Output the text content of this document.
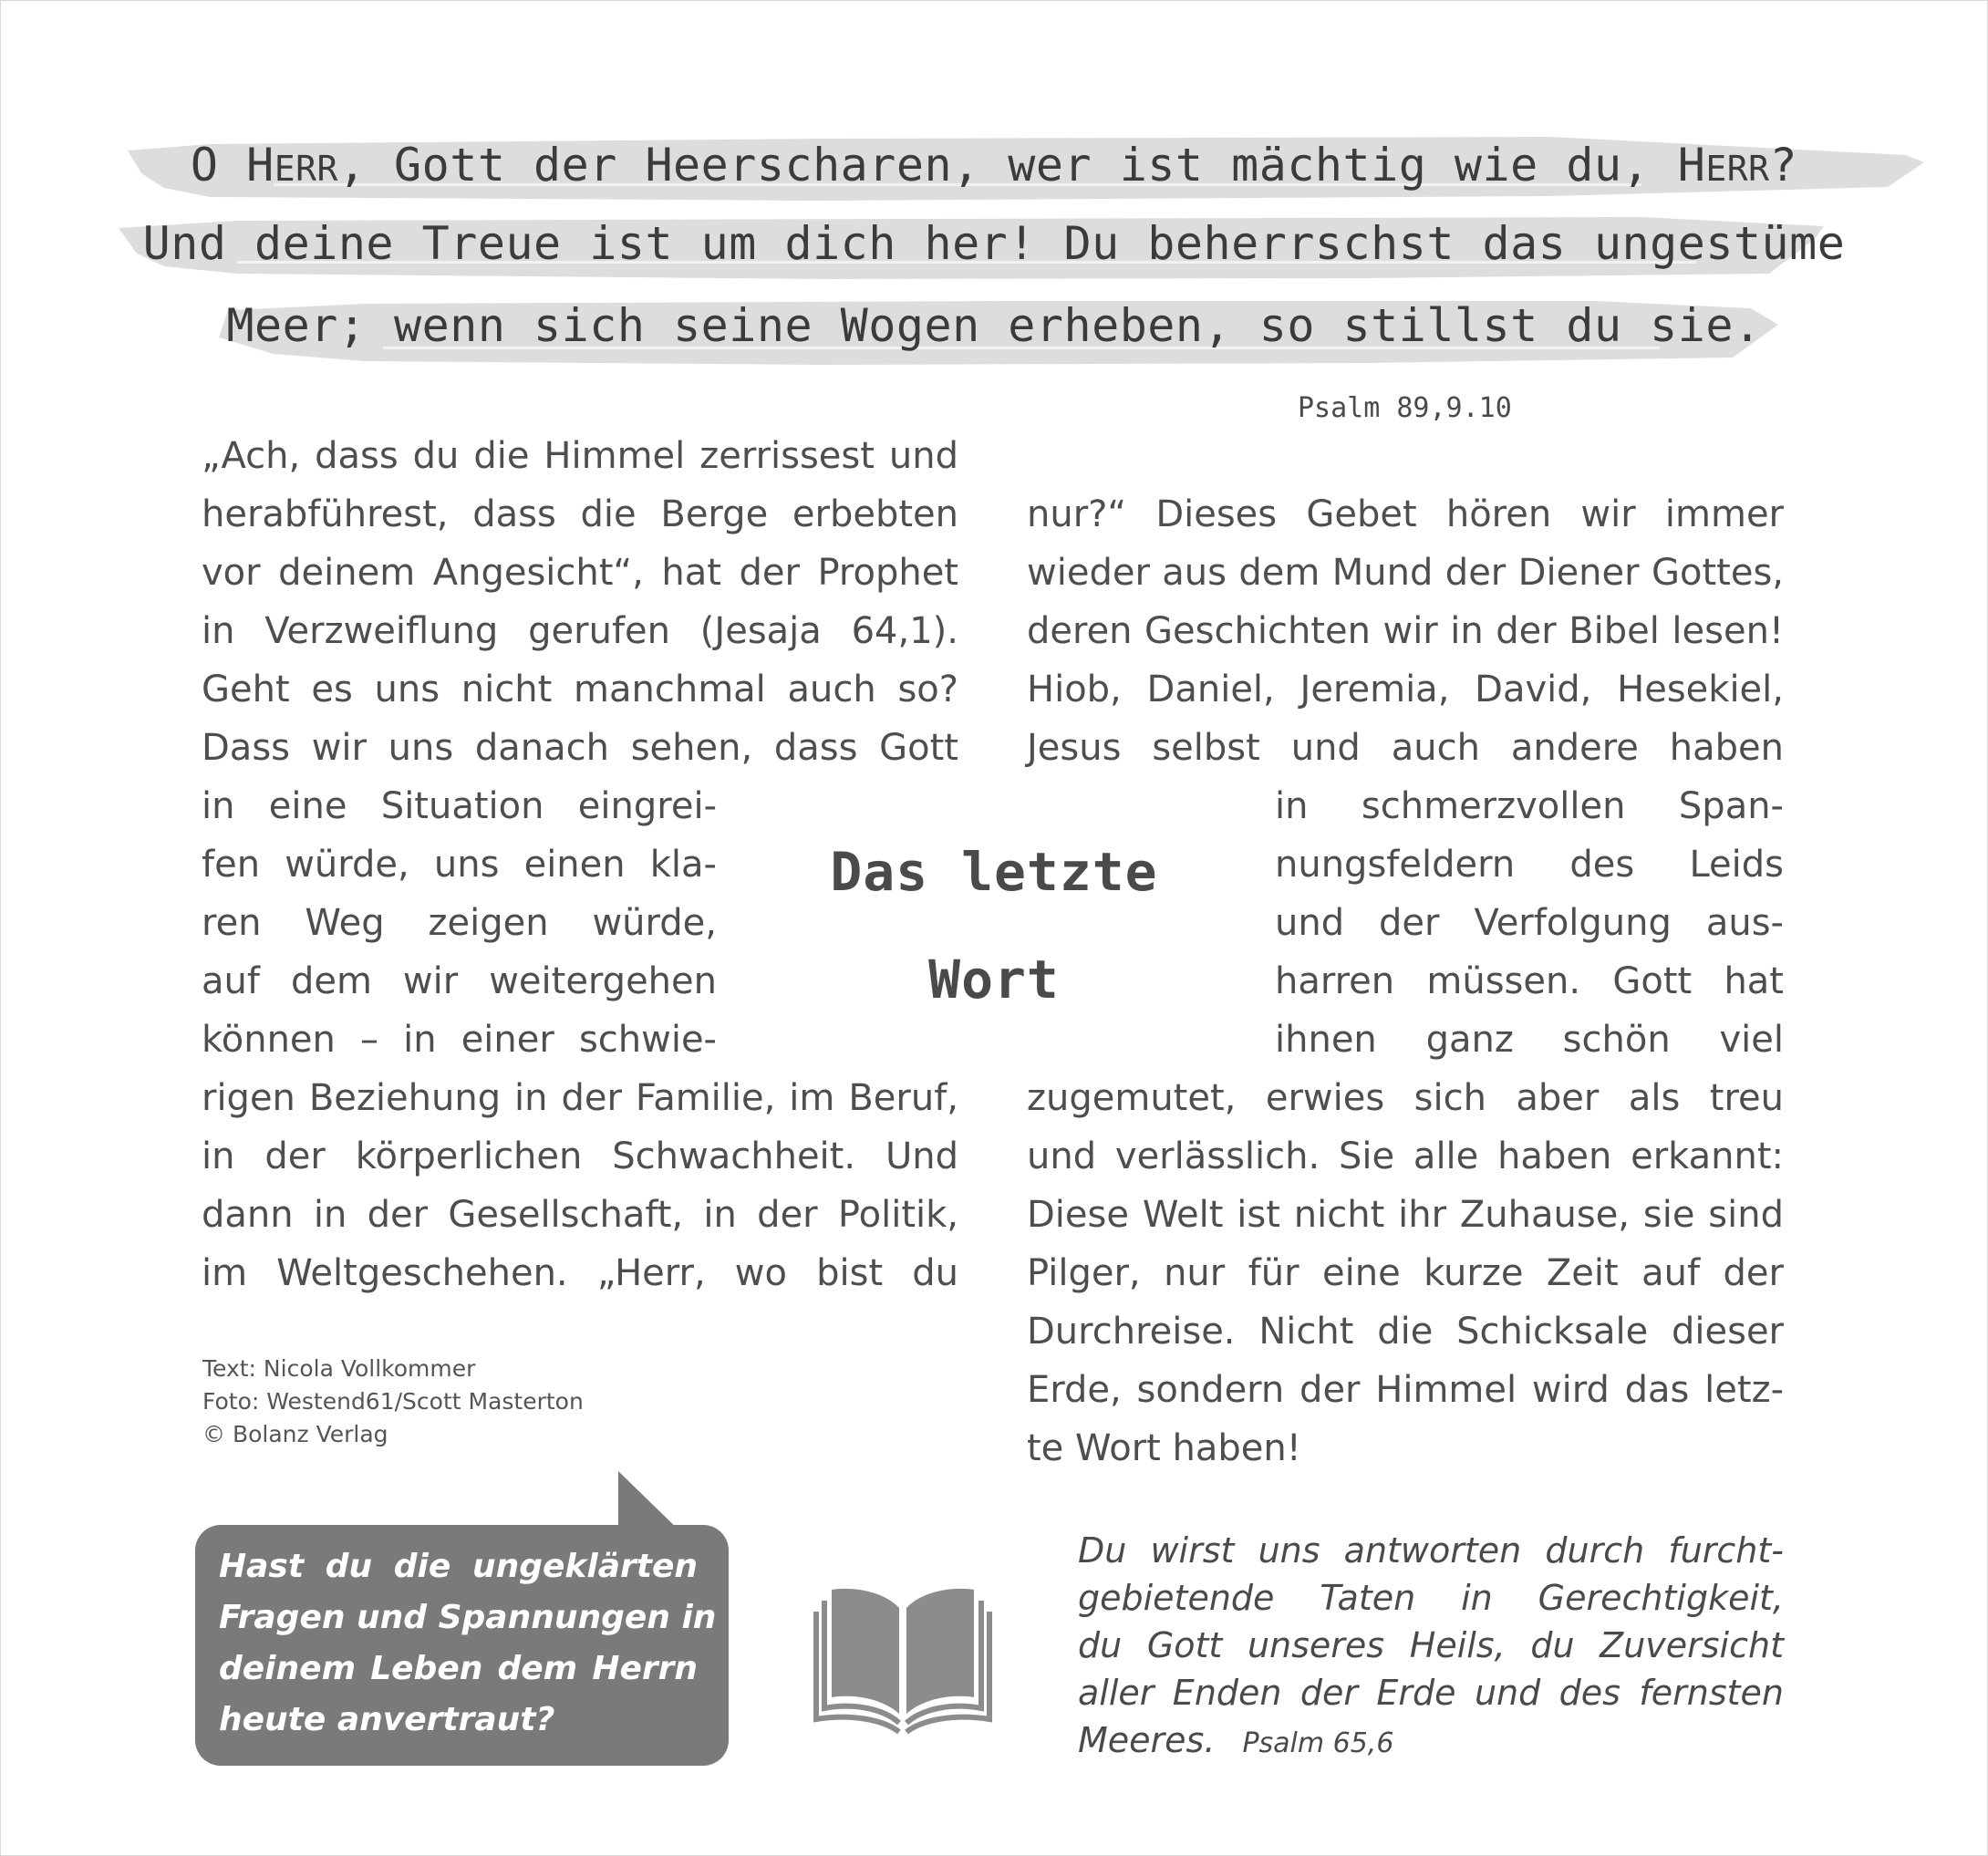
O HERR, Gott der Heerscharen, wer ist mächtig wie du, HERR?
Und deine Treue ist um dich her! Du beherrschst das ungestüme
Meer; wenn sich seine Wogen erheben, so stillst du sie.
Psalm 89,9.10
„Ach, dass du die Himmel zerrissest und
herabführest, dass die Berge erbebten
vor deinem Angesicht“, hat der Prophet
in Verzweiflung gerufen (Jesaja 64,1).
Geht es uns nicht manchmal auch so?
Dass wir uns danach sehen, dass Gott
in eine Situation eingrei-
fen würde, uns einen kla-
ren Weg zeigen würde,
auf dem wir weitergehen
können – in einer schwie-
rigen Beziehung in der Familie, im Beruf,
in der körperlichen Schwachheit. Und
dann in der Gesellschaft, in der Politik,
im Weltgeschehen. „Herr, wo bist du
Das letzte
Wort
nur?“ Dieses Gebet hören wir immer
wieder aus dem Mund der Diener Gottes,
deren Geschichten wir in der Bibel lesen!
Hiob, Daniel, Jeremia, David, Hesekiel,
Jesus selbst und auch andere haben
in schmerzvollen Span-
nungsfeldern des Leids
und der Verfolgung aus-
harren müssen. Gott hat
ihnen ganz schön viel
zugemutet, erwies sich aber als treu
und verlässlich. Sie alle haben erkannt:
Diese Welt ist nicht ihr Zuhause, sie sind
Pilger, nur für eine kurze Zeit auf der
Durchreise. Nicht die Schicksale dieser
Erde, sondern der Himmel wird das letz-
te Wort haben!
Text: Nicola Vollkommer
Foto: Westend61/Scott Masterton
© Bolanz Verlag
Hast du die ungeklärten
Fragen und Spannungen in
deinem Leben dem Herrn
heute anvertraut?
Du wirst uns antworten durch furcht-
gebietende Taten in Gerechtigkeit,
du Gott unseres Heils, du Zuversicht
aller Enden der Erde und des fernsten
Meeres. Psalm 65,6
